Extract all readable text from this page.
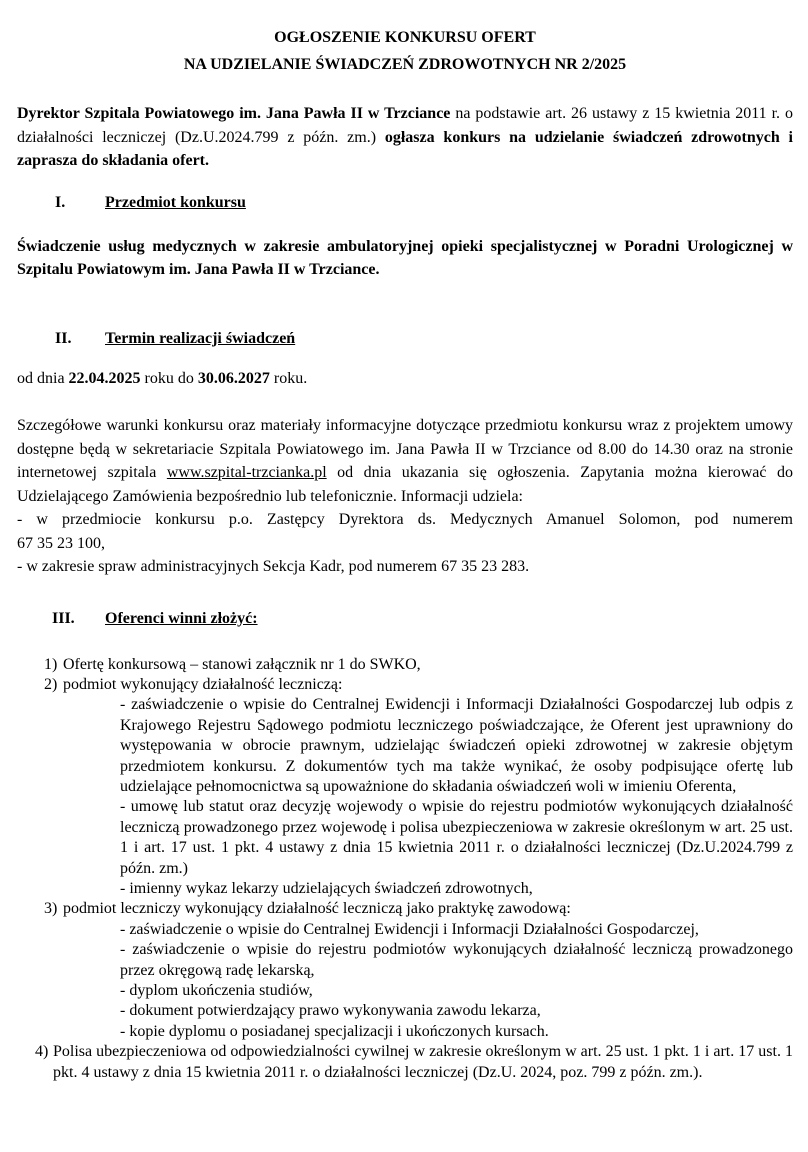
OGŁOSZENIE KONKURSU OFERT
NA UDZIELANIE ŚWIADCZEŃ ZDROWOTNYCH NR 2/2025

Dyrektor Szpitala Powiatowego im. Jana Pawła II w Trzciance na podstawie art. 26 ustawy z 15 kwietnia 2011 r. o działalności leczniczej (Dz.U.2024.799 z późn. zm.) ogłasza konkurs na udzielanie świadczeń zdrowotnych i zaprasza do składania ofert.

I. Przedmiot konkursu

Świadczenie usług medycznych w zakresie ambulatoryjnej opieki specjalistycznej w Poradni Urologicznej w Szpitalu Powiatowym im. Jana Pawła II w Trzciance.

II. Termin realizacji świadczeń

od dnia 22.04.2025 roku do 30.06.2027 roku.

Szczegółowe warunki konkursu oraz materiały informacyjne dotyczące przedmiotu konkursu wraz z projektem umowy dostępne będą w sekretariacie Szpitala Powiatowego im. Jana Pawła II w Trzciance od 8.00 do 14.30 oraz na stronie internetowej szpitala www.szpital-trzcianka.pl od dnia ukazania się ogłoszenia. Zapytania można kierować do Udzielającego Zamówienia bezpośrednio lub telefonicznie. Informacji udziela:

- w przedmiocie konkursu p.o. Zastępcy Dyrektora ds. Medycznych Amanuel Solomon, pod numerem
67 35 23 100,

- w zakresie spraw administracyjnych Sekcja Kadr, pod numerem 67 35 23 283.

III. Oferenci winni złożyć:
1) Ofertę konkursową – stanowi załącznik nr 1 do SWKO,
2) podmiot wykonujący działalność leczniczą:

- zaświadczenie o wpisie do Centralnej Ewidencji i Informacji Działalności Gospodarczej lub odpis z Krajowego Rejestru Sądowego podmiotu leczniczego poświadczające, że Oferent jest uprawniony do występowania w obrocie prawnym, udzielając świadczeń opieki zdrowotnej w zakresie objętym przedmiotem konkursu. Z dokumentów tych ma także wynikać, że osoby podpisujące ofertę lub udzielające pełnomocnictwa są upoważnione do składania oświadczeń woli w imieniu Oferenta,

- umowę lub statut oraz decyzję wojewody o wpisie do rejestru podmiotów wykonujących działalność leczniczą prowadzonego przez wojewodę i polisa ubezpieczeniowa w zakresie określonym w art. 25 ust. 1 i art. 17 ust. 1 pkt. 4 ustawy z dnia 15 kwietnia 2011 r. o działalności leczniczej (Dz.U.2024.799 z późn. zm.)

- imienny wykaz lekarzy udzielających świadczeń zdrowotnych,

3) podmiot leczniczy wykonujący działalność leczniczą jako praktykę zawodową:

- zaświadczenie o wpisie do Centralnej Ewidencji i Informacji Działalności Gospodarczej,

- zaświadczenie o wpisie do rejestru podmiotów wykonujących działalność leczniczą prowadzonego przez okręgową radę lekarską,

- dyplom ukończenia studiów,

- dokument potwierdzający prawo wykonywania zawodu lekarza,

- kopie dyplomu o posiadanej specjalizacji i ukończonych kursach.

4) Polisa ubezpieczeniowa od odpowiedzialności cywilnej w zakresie określonym w art. 25 ust. 1 pkt. 1 i art. 17 ust. 1 pkt. 4 ustawy z dnia 15 kwietnia 2011 r. o działalności leczniczej (Dz.U. 2024, poz. 799 z późn. zm.).
